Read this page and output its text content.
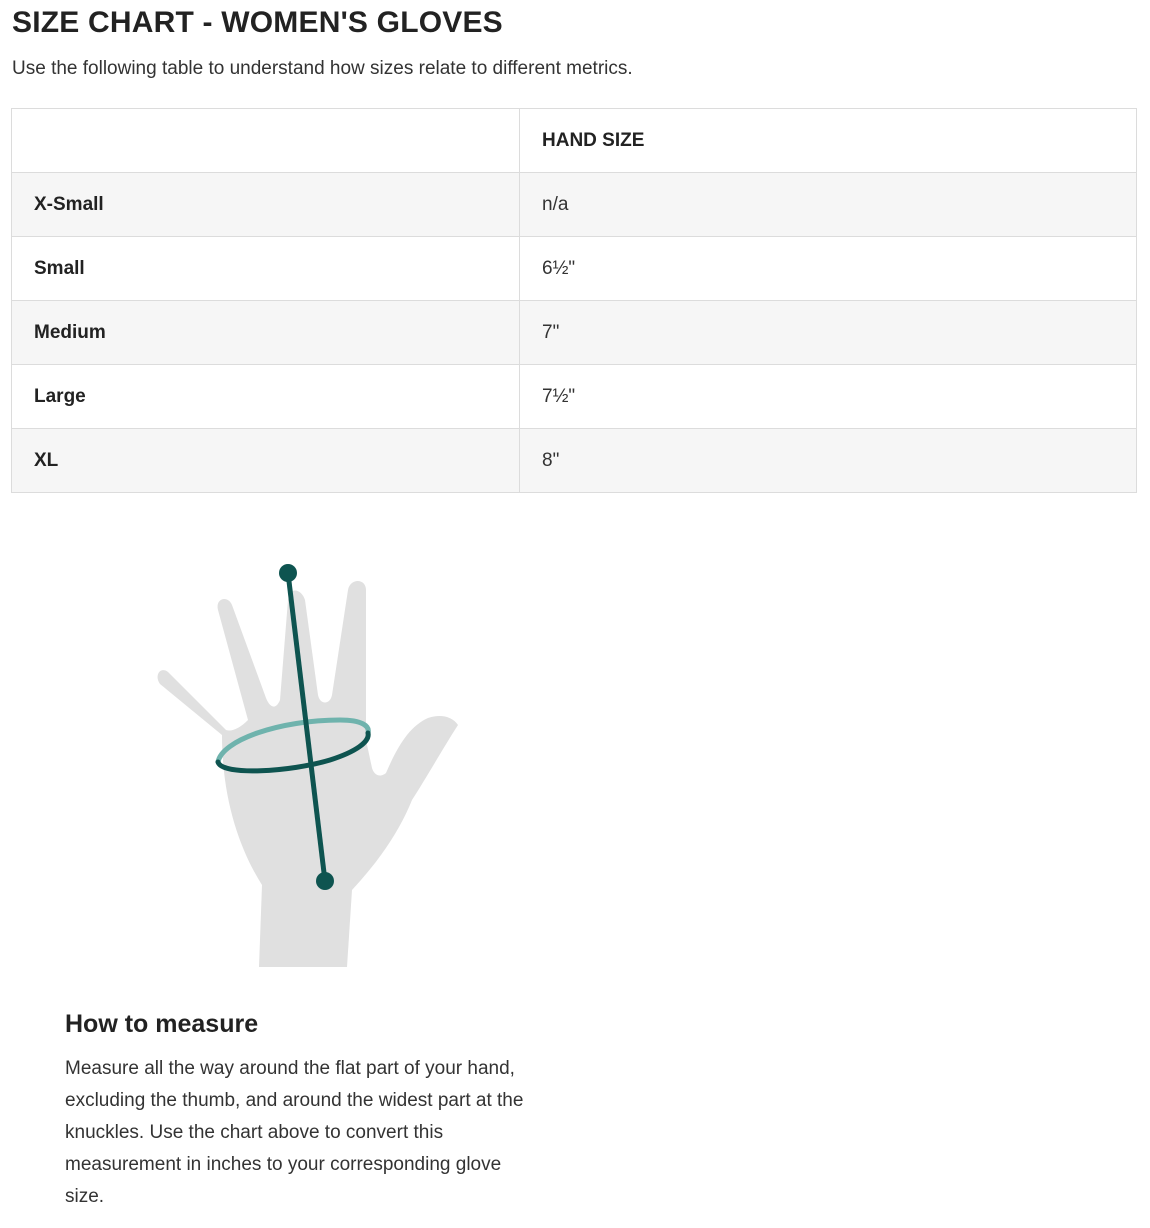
SIZE CHART - WOMEN'S GLOVES

Use the following table to understand how sizes relate to different metrics.

	HAND SIZE
X-Small	n/a
Small	6½"
Medium	7"
Large	7½"
XL	8"
How to measure

Measure all the way around the flat part of your hand, excluding the thumb, and around the widest part at the knuckles. Use the chart above to convert this measurement in inches to your corresponding glove size.
